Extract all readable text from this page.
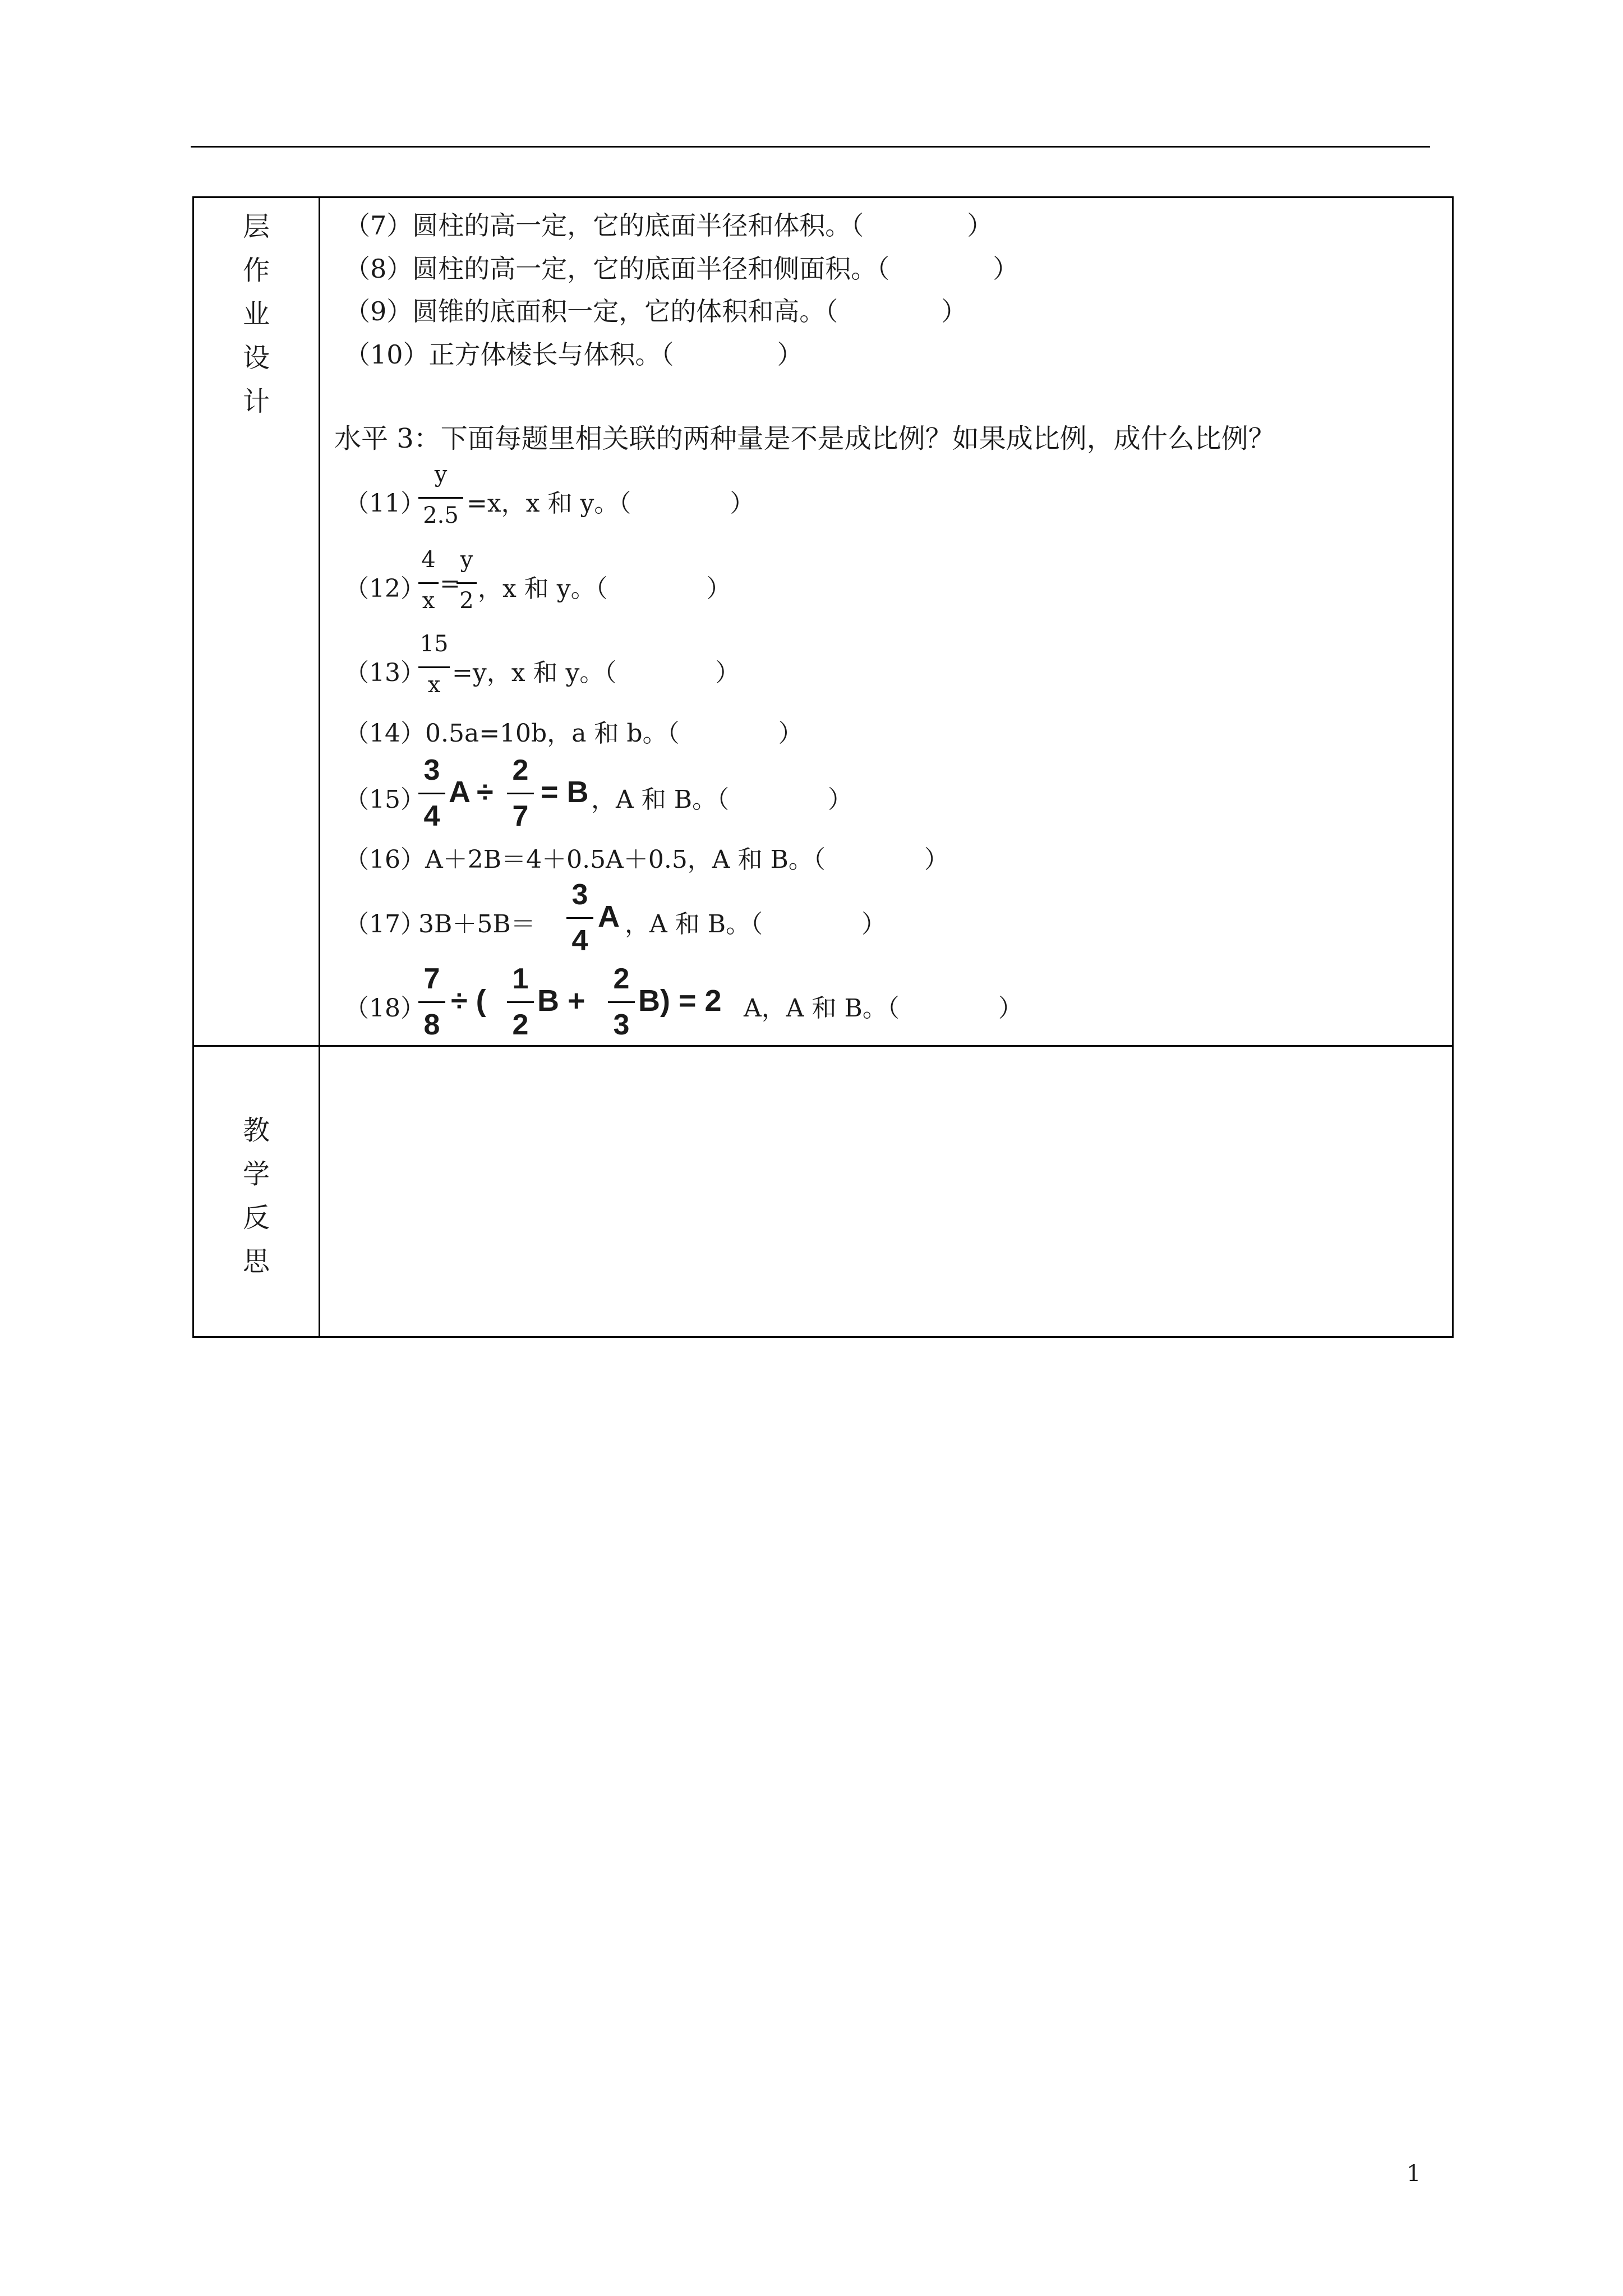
层
作
业
设
计
教
学
反
思
（7）圆柱的高一定，它的底面半径和体积。（　　　　）
（8）圆柱的高一定，它的底面半径和侧面积。（　　　　）
（9）圆锥的底面积一定，它的体积和高。（　　　　）
（10）正方体棱长与体积。（　　　　）
水平 3：下面每题里相关联的两种量是不是成比例？如果成比例，成什么比例？
（11）
y
2.5 =x，x 和 y。（　　　　）
（12）
4
x
=
y
2 ，x 和 y。（　　　　）
（13）
15
x =y，x 和 y。（　　　　）
（14）0.5a=10b，a 和 b。（　　　　）
（15）
3
4
A ÷
2
7
= B ，A 和 B。（　　　　）
（16）A＋2B＝4＋0.5A＋0.5，A 和 B。（　　　　）
（17）
3B＋5B＝
3
4
A ，A 和 B。（　　　　）
（18）
7
8
÷ (
1
2
B +
2
3
B) = 2 A，A 和 B。（　　　　）
1
